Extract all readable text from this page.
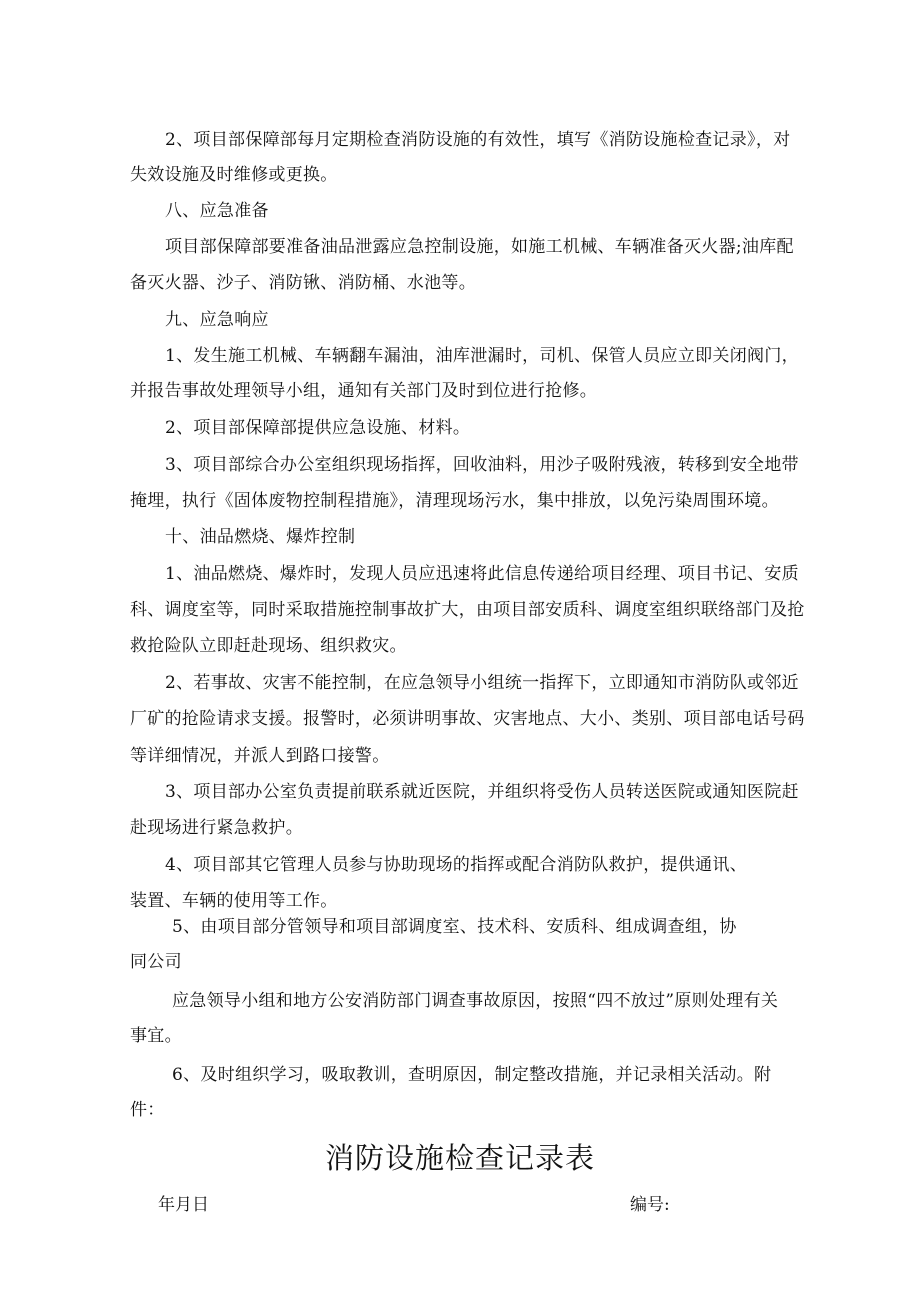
2、项目部保障部每月定期检查消防设施的有效性，填写《消防设施检查记录》，对
失效设施及时维修或更换。
八、应急准备
项目部保障部要准备油品泄露应急控制设施，如施工机械、车辆准备灭火器;油库配
备灭火器、沙子、消防锹、消防桶、水池等。
九、应急响应
1、发生施工机械、车辆翻车漏油，油库泄漏时，司机、保管人员应立即关闭阀门，
并报告事故处理领导小组，通知有关部门及时到位进行抢修。
2、项目部保障部提供应急设施、材料。
3、项目部综合办公室组织现场指挥，回收油料，用沙子吸附残液，转移到安全地带
掩埋，执行《固体废物控制程措施》，清理现场污水，集中排放，以免污染周围环境。
十、油品燃烧、爆炸控制
1、油品燃烧、爆炸时，发现人员应迅速将此信息传递给项目经理、项目书记、安质
科、调度室等，同时采取措施控制事故扩大，由项目部安质科、调度室组织联络部门及抢
救抢险队立即赶赴现场、组织救灾。
2、若事故、灾害不能控制，在应急领导小组统一指挥下，立即通知市消防队或邻近
厂矿的抢险请求支援。报警时，必须讲明事故、灾害地点、大小、类别、项目部电话号码
等详细情况，并派人到路口接警。
3、项目部办公室负责提前联系就近医院，并组织将受伤人员转送医院或通知医院赶
赴现场进行紧急救护。
4、项目部其它管理人员参与协助现场的指挥或配合消防队救护，提供通讯、
装置、车辆的使用等工作。
5、由项目部分管领导和项目部调度室、技术科、安质科、组成调查组，协
同公司
应急领导小组和地方公安消防部门调查事故原因，按照“四不放过”原则处理有关
事宜。
6、及时组织学习，吸取教训，查明原因，制定整改措施，并记录相关活动。附
件：
消防设施检查记录表
年月日	编号:
